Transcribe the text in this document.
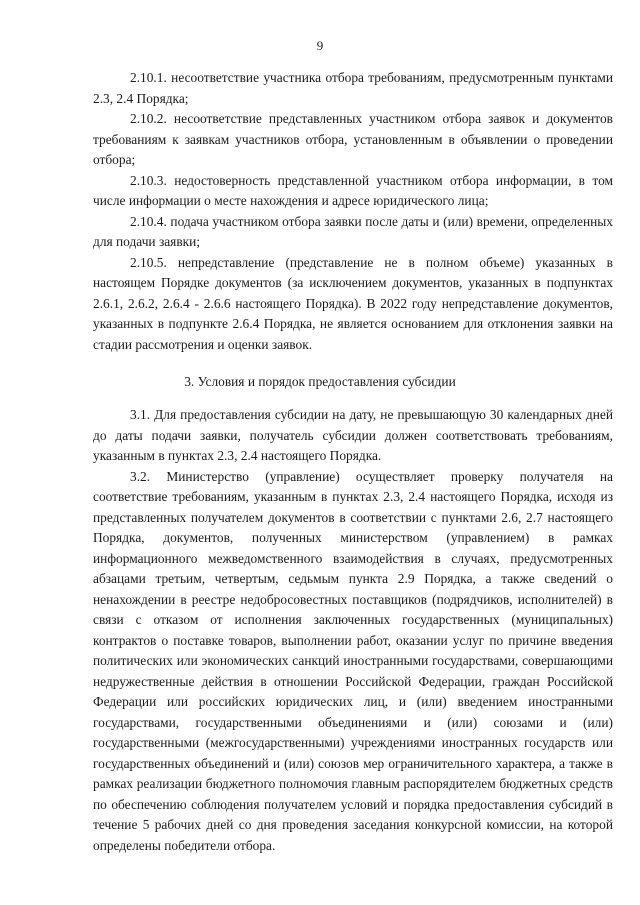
9

2.10.1. несоответствие участника отбора требованиям, предусмотренным пунктами 2.3, 2.4 Порядка;

2.10.2. несоответствие представленных участником отбора заявок и документов требованиям к заявкам участников отбора, установленным в объявлении о проведении отбора;

2.10.3. недостоверность представленной участником отбора информации, в том числе информации о месте нахождения и адресе юридического лица;

2.10.4. подача участником отбора заявки после даты и (или) времени, определенных для подачи заявки;

2.10.5. непредставление (представление не в полном объеме) указанных в настоящем Порядке документов (за исключением документов, указанных в подпунктах 2.6.1, 2.6.2, 2.6.4 - 2.6.6 настоящего Порядка). В 2022 году непредставление документов, указанных в подпункте 2.6.4 Порядка, не является основанием для отклонения заявки на стадии рассмотрения и оценки заявок.

3. Условия и порядок предоставления субсидии

3.1. Для предоставления субсидии на дату, не превышающую 30 календарных дней до даты подачи заявки, получатель субсидии должен соответствовать требованиям, указанным в пунктах 2.3, 2.4 настоящего Порядка.

3.2. Министерство (управление) осуществляет проверку получателя на соответствие требованиям, указанным в пунктах 2.3, 2.4 настоящего Порядка, исходя из представленных получателем документов в соответствии с пунктами 2.6, 2.7 настоящего Порядка, документов, полученных министерством (управлением) в рамках информационного межведомственного взаимодействия в случаях, предусмотренных абзацами третьим, четвертым, седьмым пункта 2.9 Порядка, а также сведений о ненахождении в реестре недобросовестных поставщиков (подрядчиков, исполнителей) в связи с отказом от исполнения заключенных государственных (муниципальных) контрактов о поставке товаров, выполнении работ, оказании услуг по причине введения политических или экономических санкций иностранными государствами, совершающими недружественные действия в отношении Российской Федерации, граждан Российской Федерации или российских юридических лиц, и (или) введением иностранными государствами, государственными объединениями и (или) союзами и (или) государственными (межгосударственными) учреждениями иностранных государств или государственных объединений и (или) союзов мер ограничительного характера, а также в рамках реализации бюджетного полномочия главным распорядителем бюджетных средств по обеспечению соблюдения получателем условий и порядка предоставления субсидий в течение 5 рабочих дней со дня проведения заседания конкурсной комиссии, на которой определены победители отбора.
